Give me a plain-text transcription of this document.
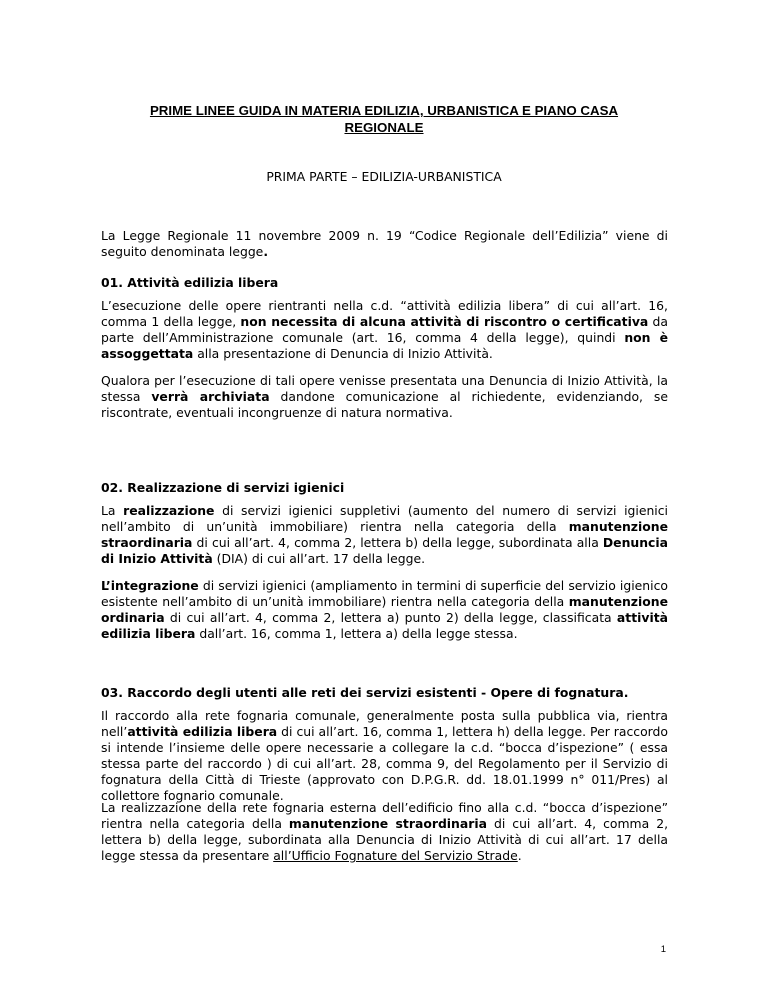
PRIME LINEE GUIDA IN MATERIA EDILIZIA, URBANISTICA E PIANO CASA
REGIONALE
PRIMA PARTE – EDILIZIA-URBANISTICA
La Legge Regionale 11 novembre 2009 n. 19 “Codice Regionale dell’Edilizia” viene di seguito denominata legge.
01. Attività edilizia libera
L’esecuzione delle opere rientranti nella c.d. “attività edilizia libera” di cui all’art. 16, comma 1 della legge, non necessita di alcuna attività di riscontro o certificativa da parte dell’Amministrazione comunale (art. 16, comma 4 della legge), quindi non è assoggettata alla presentazione di Denuncia di Inizio Attività.
Qualora per l’esecuzione di tali opere venisse presentata una Denuncia di Inizio Attività, la stessa verrà archiviata dandone comunicazione al richiedente, evidenziando, se riscontrate, eventuali incongruenze di natura normativa.
02. Realizzazione di servizi igienici
La realizzazione di servizi igienici suppletivi (aumento del numero di servizi igienici nell’ambito di un’unità immobiliare) rientra nella categoria della manutenzione straordinaria di cui all’art. 4, comma 2, lettera b) della legge, subordinata alla Denuncia di Inizio Attività (DIA) di cui all’art. 17 della legge.
L’integrazione di servizi igienici (ampliamento in termini di superficie del servizio igienico esistente nell’ambito di un’unità immobiliare) rientra nella categoria della manutenzione ordinaria di cui all’art. 4, comma 2, lettera a) punto 2) della legge, classificata attività edilizia libera dall’art. 16, comma 1, lettera a) della legge stessa.
03. Raccordo degli utenti alle reti dei servizi esistenti - Opere di fognatura.
Il raccordo alla rete fognaria comunale, generalmente posta sulla pubblica via, rientra nell’attività edilizia libera di cui all’art. 16, comma 1, lettera h) della legge. Per raccordo si intende l’insieme delle opere necessarie a collegare la c.d. “bocca d’ispezione” ( essa stessa parte del raccordo ) di cui all’art. 28, comma 9, del Regolamento per il Servizio di fognatura della Città di Trieste (approvato con D.P.G.R. dd. 18.01.1999 n° 011/Pres) al collettore fognario comunale.
La realizzazione della rete fognaria esterna dell’edificio fino alla c.d. “bocca d’ispezione” rientra nella categoria della manutenzione straordinaria di cui all’art. 4, comma 2, lettera b) della legge, subordinata alla Denuncia di Inizio Attività di cui all’art. 17 della legge stessa da presentare all’Ufficio Fognature del Servizio Strade.
1
